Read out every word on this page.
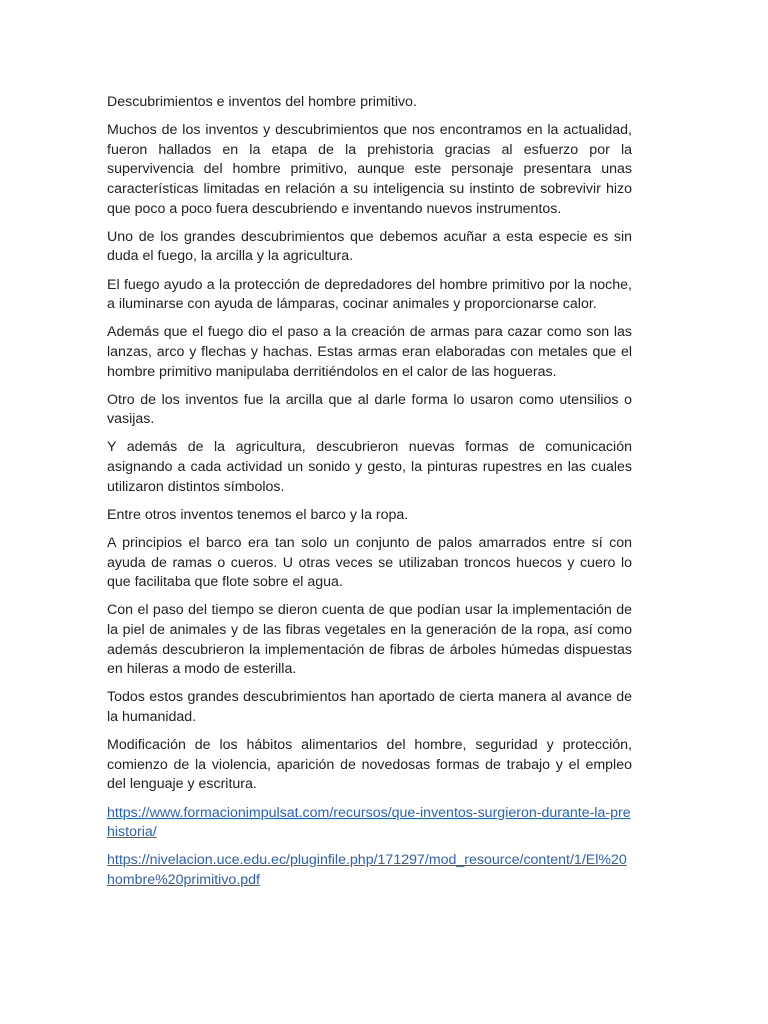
Descubrimientos e inventos del hombre primitivo.

Muchos de los inventos y descubrimientos que nos encontramos en la actualidad, fueron hallados en la etapa de la prehistoria gracias al esfuerzo por la supervivencia del hombre primitivo, aunque este personaje presentara unas características limitadas en relación a su inteligencia su instinto de sobrevivir hizo que poco a poco fuera descubriendo e inventando nuevos instrumentos.

Uno de los grandes descubrimientos que debemos acuñar a esta especie es sin duda el fuego, la arcilla y la agricultura.

El fuego ayudo a la protección de depredadores del hombre primitivo por la noche, a iluminarse con ayuda de lámparas, cocinar animales y proporcionarse calor.

Además que el fuego dio el paso a la creación de armas para cazar como son las lanzas, arco y flechas y hachas. Estas armas eran elaboradas con metales que el hombre primitivo manipulaba derritiéndolos en el calor de las hogueras.

Otro de los inventos fue la arcilla que al darle forma lo usaron como utensilios o vasijas.

Y además de la agricultura, descubrieron nuevas formas de comunicación asignando a cada actividad un sonido y gesto, la pinturas rupestres en las cuales utilizaron distintos símbolos.

Entre otros inventos tenemos el barco y la ropa.

A principios el barco era tan solo un conjunto de palos amarrados entre sí con ayuda de ramas o cueros. U otras veces se utilizaban troncos huecos y cuero lo que facilitaba que flote sobre el agua.

Con el paso del tiempo se dieron cuenta de que podían usar la implementación de la piel de animales y de las fibras vegetales en la generación de la ropa, así como además descubrieron la implementación de fibras de árboles húmedas dispuestas en hileras a modo de esterilla.

Todos estos grandes descubrimientos han aportado de cierta manera al avance de la humanidad.

Modificación de los hábitos alimentarios del hombre, seguridad y protección, comienzo de la violencia, aparición de novedosas formas de trabajo y el empleo del lenguaje y escritura.

https://www.formacionimpulsat.com/recursos/que-inventos-surgieron-durante-la-prehistoria/
https://nivelacion.uce.edu.ec/pluginfile.php/171297/mod_resource/content/1/El%20hombre%20primitivo.pdf
